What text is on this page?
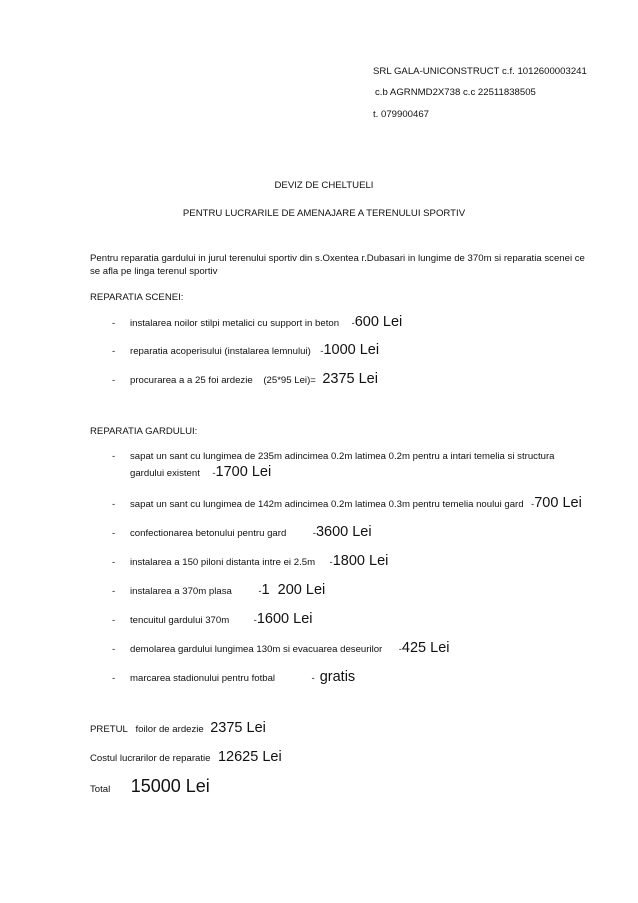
SRL GALA-UNICONSTRUCT c.f. 1012600003241
c.b AGRNMD2X738 c.c 22511838505
t. 079900467
DEVIZ DE CHELTUELI
PENTRU LUCRARILE DE AMENAJARE A TERENULUI SPORTIV
Pentru reparatia gardului in jurul terenului sportiv din s.Oxentea r.Dubasari in lungime de 370m si reparatia scenei ce se afla pe linga terenul sportiv
REPARATIA SCENEI:
- instalarea noilor stilpi metalici cu support in beton -600 Lei
- reparatia acoperisului (instalarea lemnului) -1000 Lei
- procurarea a a 25 foi ardezie    (25*95 Lei)= 2375 Lei
REPARATIA GARDULUI:
- sapat un sant cu lungimea de 235m adincimea 0.2m latimea 0.2m pentru a intari temelia si structura
gardului existent -1700 Lei
- sapat un sant cu lungimea de 142m adincimea 0.2m latimea 0.3m pentru temelia noului gard -700 Lei
- confectionarea betonului pentru gard	-3600 Lei
- instalarea a 150 piloni distanta intre ei 2.5m -1800 Lei
- instalarea a 370m plasa	-1  200 Lei
- tencuitul gardului 370m	-1600 Lei
- demolarea gardului lungimea 130m si evacuarea deseurilor -425 Lei
- marcarea stadionului pentru fotbal	- gratis
PRETUL   foilor de ardezie 2375 Lei
Costul lucrarilor de reparatie 12625 Lei
Total 15000 Lei
